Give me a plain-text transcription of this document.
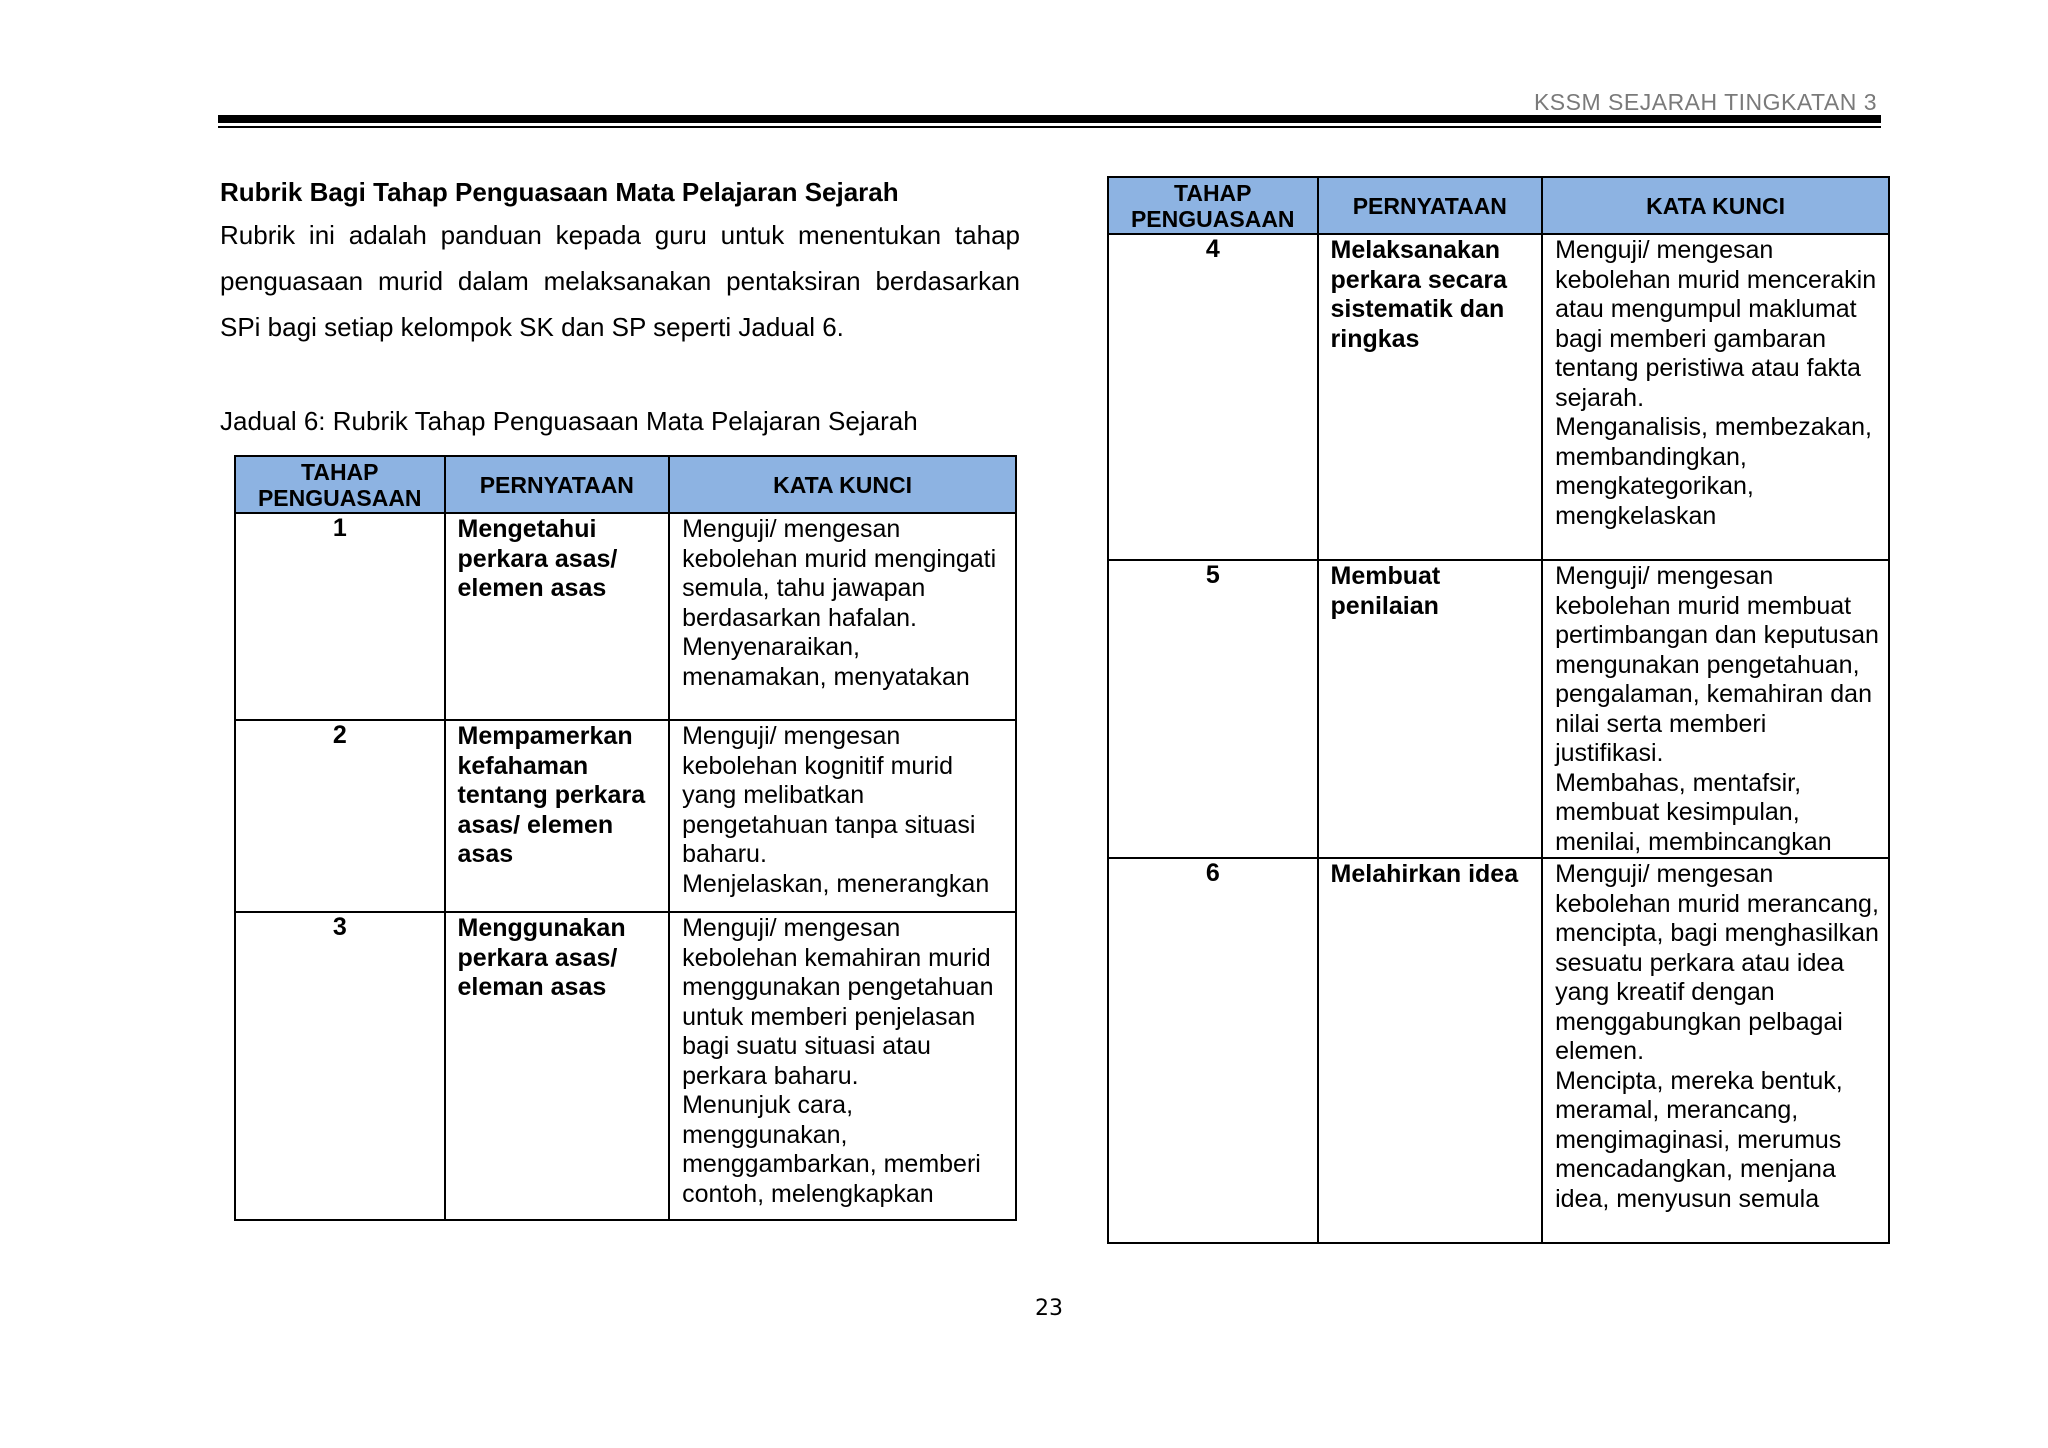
KSSM SEJARAH TINGKATAN 3

Rubrik Bagi Tahap Penguasaan Mata Pelajaran Sejarah

Rubrik ini adalah panduan kepada guru untuk menentukan tahap penguasaan murid dalam melaksanakan pentaksiran berdasarkan SPi bagi setiap kelompok SK dan SP seperti Jadual 6.

Jadual 6: Rubrik Tahap Penguasaan Mata Pelajaran Sejarah
TAHAP
PENGUASAAN	PERNYATAAN	KATA KUNCI
1	Mengetahui perkara asas/ elemen asas	Menguji/ mengesan kebolehan murid mengingati semula, tahu jawapan berdasarkan hafalan.
Menyenaraikan, menamakan, menyatakan

2	Mempamerkan kefahaman tentang perkara asas/ elemen asas	Menguji/ mengesan kebolehan kognitif murid yang melibatkan pengetahuan tanpa situasi baharu.
Menjelaskan, menerangkan

3	Menggunakan perkara asas/ eleman asas	Menguji/ mengesan kebolehan kemahiran murid menggunakan pengetahuan untuk memberi penjelasan bagi suatu situasi atau perkara baharu.
Menunjuk cara, menggunakan, menggambarkan, memberi contoh, melengkapkan
TAHAP
PENGUASAAN	PERNYATAAN	KATA KUNCI
4	Melaksanakan perkara secara sistematik dan ringkas	Menguji/ mengesan kebolehan murid mencerakin atau mengumpul maklumat bagi memberi gambaran tentang peristiwa atau fakta sejarah.
Menganalisis, membezakan, membandingkan, mengkategorikan, mengkelaskan

5	Membuat penilaian	Menguji/ mengesan kebolehan murid membuat pertimbangan dan keputusan mengunakan pengetahuan, pengalaman, kemahiran dan nilai serta memberi justifikasi.
Membahas, mentafsir, membuat kesimpulan, menilai, membincangkan

6	Melahirkan idea	Menguji/ mengesan kebolehan murid merancang, mencipta, bagi menghasilkan sesuatu perkara atau idea yang kreatif dengan menggabungkan pelbagai elemen.
Mencipta, mereka bentuk, meramal, merancang, mengimaginasi, merumus mencadangkan, menjana idea, menyusun semula
23
